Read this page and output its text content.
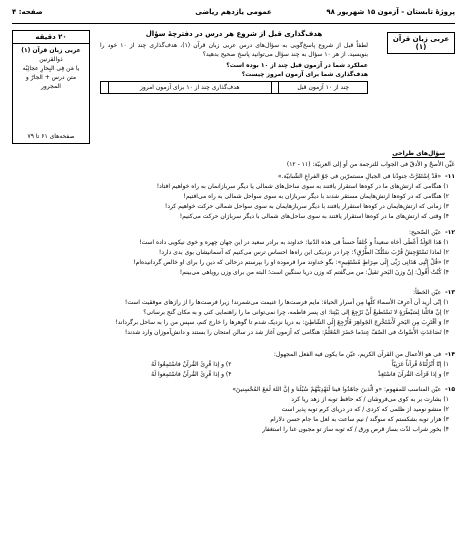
پروژهٔ تابستان - آزمون ۱۵ شهریور ۹۸
عمومی یازدهم ریاضی
صفحه: ۴
عربی زبان قرآن (۱)
هدف‌گذاری قبل از شروع هر درس در دفترچهٔ سؤال
لطفاً قبل از شروع پاسخ‌گویی به سؤال‌های درس عربی زبان قرآن (۱)، هدف‌گذاری چند از ۱۰ خود را بنویسید. از هر ۱۰ سؤال به چند سؤال می‌توانید پاسخ صحیح بدهید؟
عملکرد شما در آزمون قبل چند از ۱۰ بوده است؟
هدف‌گذاری شما برای آزمون امروز چیست؟
چند از ۱۰ آزمون قبل		هدف‌گذاری چند از ۱۰ برای آزمون امروز	
۲۰ دقیقه
عربی زبان قرآن (۱)
ذوالقرنین
یا مَن فِی البِحارِ عجائِبُه
متن درس + الجارّ و
المجرور
صفحه‌های ۶۱ تا ۷۹
سؤال‌های طراحی
عَیِّن الأصحّ و الأدقّ فی الجواب للترجمة من أو إلی العربیّة: (۱۱ - ۱۲)
۱۱-«قَدْ اِسْتَقَرَّتْ جنودُنا فی الجبالِ مستمرّین فی جَوّ الفراغِ الشّبابیّة.»
۱) هنگامی که ارتش‌های ما در کوه‌ها استقرار یافتند به سوی ساحل‌های شمالی یا دیگر سربازانمان به راه خواهیم افتاد!
۲) هنگامی که در کوه‌ها ارتش‌هایمان مستقر شدند با دیگر سربازان به سوی سواحل شمالی به راه می‌افتیم!
۳) زمانی که ارتش‌هایمان در کوه‌ها استقرار یافتند با دیگر سربازهایمان به سوی سواحل شمالی حرکت خواهیم کرد!
۴) وقتی که ارتش‌های ما در کوه‌ها استقرار یافتند به سوی ساحل‌های شمالی با دیگر سربازان حرکت می‌کنیم!
۱۲-عیّن الصّحیح:
۱) هَذا الوَلَدُ أَعْطَی أخاه سعیداً و خُلقاً حسناً فی هذه الدّنیا: خداوند به برادر سعید در این جهان چهره و خوی نیکویی داده است!
۲) لماذا نَسْتَوْحِشُ قُرْبَ سَتْلُکَ الطُّرُقِ؟: چرا در نزدیکی این راه‌ها احساس ترس می‌کنیم که آسمانیشان بوی بدی دارد!
۳) «قُلْ إِنَّنِی هَدَانِی رَبِّی إِلَی صِرَاطٍ مُسْتَقِیمٍ»: بگو خداوند مرا فرموده او را بپرستم درحالی که دین را برای او خالص گردانیده‌ام!
۴) کُنْتُ أَقُولُ: إنّ وزنَ البَحرِ ثقیلٌ: من می‌گفتم که وزن دریا سنگین است؛ البته من برای وزن رویاهی می‌بینم!
۱۳-عیّن الخطأ:
۱) إنّی أرید أن أعرِفَ الأسماءَ کلَّها مِن أسرار الحیاة: مایم فرصت‌ها را غنیمت می‌شمرند! زیرا فرصت‌ها را از رازهای موفقیت است!
۲) إنْ قاتَلْنا لِسَیْطَرَةٍ لا نَسْتَطیعُ أَنْ نَرْجِعَ إلی بَیْتِنا: ای پسر فاطمه، چرا نمی‌توانی ما را راهنمایی کنی و به مکان گنج برسانی؟
۳) وَ أقْتَرِبَ مِن البَحرِ لَأَسْتَخْرِجَ الجَواهِرَ فَأَرْجِعَ إِلَی الشّاطِئِ: به دریا نزدیک شدم تا گوهرها را خارج کنم، سپس من را به ساحل برگرداند!
۴) تَصَاعَدَتِ الأَصْواتُ فی الصّفّ عِندَما حَضَرَ المُعَلِّمُ: هنگامی که آزمون آغاز شد در سالن امتحان را بستند و دانش‌آموزان وارد شدند!
۱۴-فی هو الأعمال من القرآن الکریم، عیّن ما یکون فیه الفعل المجهول:
۱) إنّا أَنْزَلْنَاهُ قُرآناً عَرَبِیّاً
۲) و إذا قُرِئَ القُرآنُ فاسْتَمِعُوا لَهُ
۳) و إذا قَرَأتَ القُرآنَ فاسْتَعِذْ
۴) و إذا قُرِئَ القُرآنُ فاسْتَمِعوا لَهُ
۱۵-عیّن المناسب للمفهوم: «و الّذینَ جاهَدُوا فینا لَنَهْدِیَنَّهُمْ سُبُلَنا و إنَّ اللهَ لَمَعَ المُحْسِنینَ»
۱) بشارت بر به کوی می‌فروشان / که حافظ توبه از زهد ریا کرد
۲) منشو نومید از ظلمی که کردی / که در دریای کرم توبه پذیر است
۳) هزار توبه بشکستم که سوگند / نیم ساعت به لعل ما جام حسن دلارام
۴) بخور شراب لذّت بساز قرص ورق / که توبه ساز تو مجبون غنا را استغفار
